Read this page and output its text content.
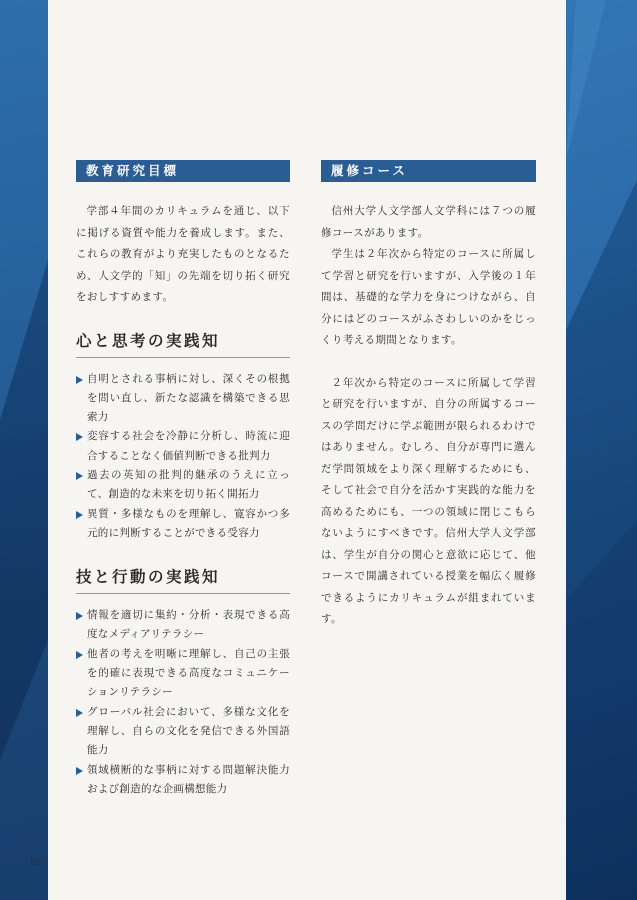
教育研究目標

学部４年間のカリキュラムを通じ、以下に掲げる資質や能力を養成します。また、これらの教育がより充実したものとなるため、人文学的「知」の先端を切り拓く研究をおしすすめます。

心と思考の実践知
自明とされる事柄に対し、深くその根拠を問い直し、新たな認識を構築できる思索力
変容する社会を冷静に分析し、時流に迎合することなく価値判断できる批判力
過去の英知の批判的継承のうえに立って、創造的な未来を切り拓く開拓力
異質・多様なものを理解し、寛容かつ多元的に判断することができる受容力
技と行動の実践知
情報を適切に集約・分析・表現できる高度なメディアリテラシー
他者の考えを明晰に理解し、自己の主張を的確に表現できる高度なコミュニケーションリテラシー
グローバル社会において、多様な文化を理解し、自らの文化を発信できる外国語能力
領域横断的な事柄に対する問題解決能力および創造的な企画構想能力
履修コース

信州大学人文学部人文学科には７つの履修コースがあります。

学生は２年次から特定のコースに所属して学習と研究を行いますが、入学後の１年間は、基礎的な学力を身につけながら、自分にはどのコースがふさわしいのかをじっくり考える期間となります。

２年次から特定のコースに所属して学習と研究を行いますが、自分の所属するコースの学問だけに学ぶ範囲が限られるわけではありません。むしろ、自分が専門に選んだ学問領域をより深く理解するためにも、そして社会で自分を活かす実践的な能力を高めるためにも、一つの領域に閉じこもらないようにすべきです。信州大学人文学部は、学生が自分の関心と意欲に応じて、他コースで開講されている授業を幅広く履修できるようにカリキュラムが組まれています。

10
